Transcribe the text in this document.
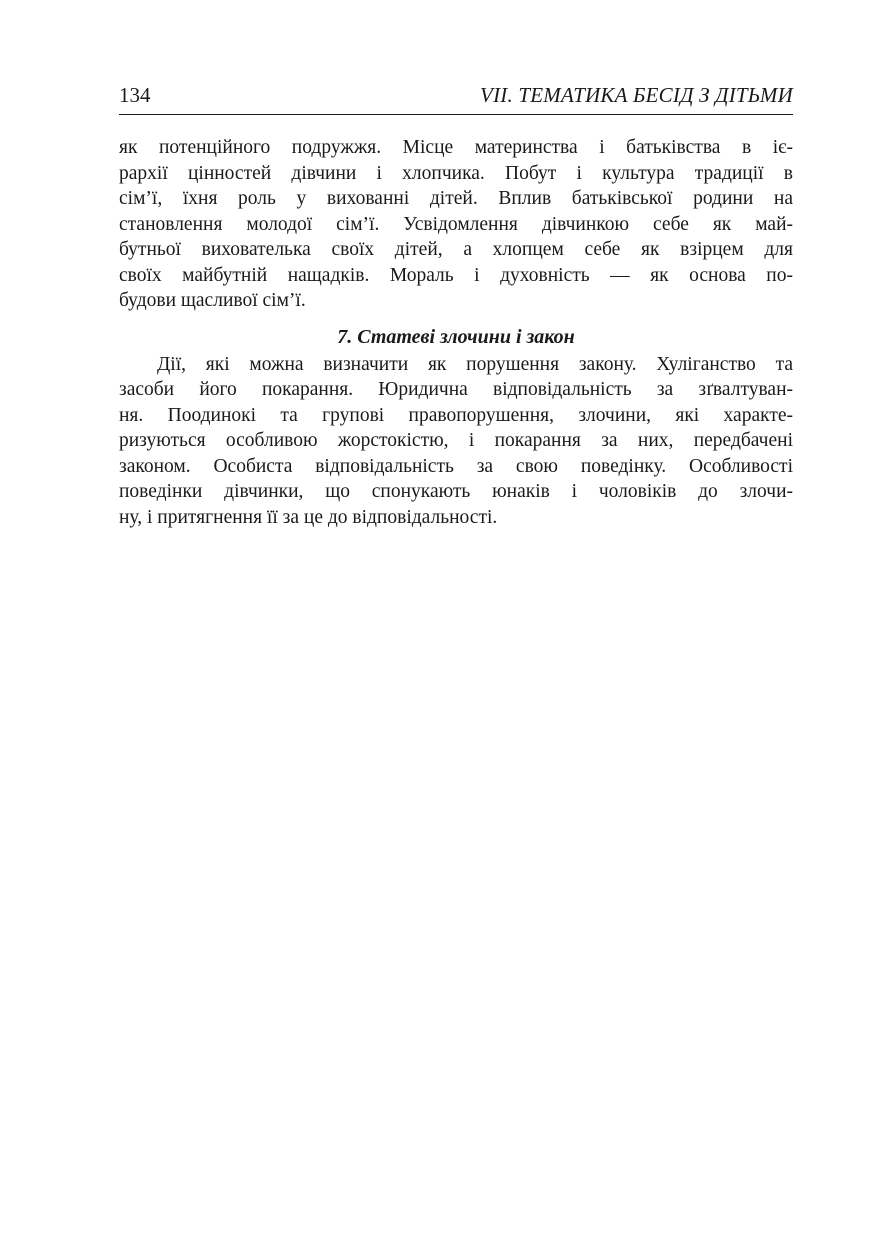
134	VII. ТЕМАТИКА БЕСІД З ДІТЬМИ
як потенційного подружжя. Місце материнства і батьківства в іє-
рархії цінностей дівчини і хлопчика. Побут і культура традиції в
сім’ї, їхня роль у вихованні дітей. Вплив батьківської родини на
становлення молодої сім’ї. Усвідомлення дівчинкою себе як май-
бутньої вихователька своїх дітей, а хлопцем себе як взірцем для
своїх майбутній нащадків. Мораль і духовність — як основа по-
будови щасливої сім’ї.
7. Статеві злочини і закон
Дії, які можна визначити як порушення закону. Хуліганство та
засоби його покарання. Юридична відповідальність за зґвалтуван-
ня. Поодинокі та групові правопорушення, злочини, які характе-
ризуються особливою жорстокістю, і покарання за них, передбачені
законом. Особиста відповідальність за свою поведінку. Особливості
поведінки дівчинки, що спонукають юнаків і чоловіків до злочи-
ну, і притягнення її за це до відповідальності.
